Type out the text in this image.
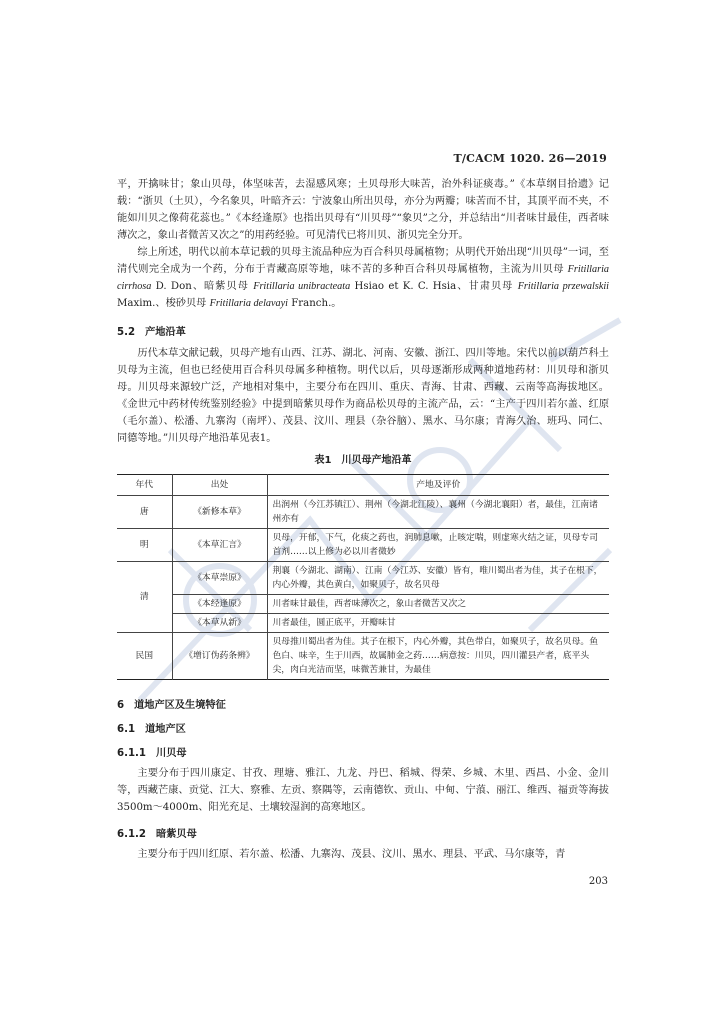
T/CACM 1020. 26—2019

平，开擒味甘；象山贝母，体坚味苦，去湿感风寒；土贝母形大味苦，治外科证痰毒。”《本草纲目拾遗》记载：“浙贝（土贝），今名象贝，叶暗齐云：宁波象山所出贝母，亦分为两瓣；味苦而不甘，其顶平而不夹，不能如川贝之像荷花蕊也。”《本经逢原》也指出贝母有“川贝母”“象贝”之分，并总结出“川者味甘最佳，西者味薄次之，象山者微苦又次之”的用药经验。可见清代已将川贝、浙贝完全分开。

综上所述，明代以前本草记载的贝母主流品种应为百合科贝母属植物；从明代开始出现“川贝母”一词，至清代则完全成为一个药，分布于青藏高原等地，味不苦的多种百合科贝母属植物，主流为川贝母 Fritillaria cirrhosa D. Don、暗紫贝母 Fritillaria unibracteata Hsiao et K. C. Hsia、甘肃贝母 Fritillaria przewalskii Maxim.、梭砂贝母 Fritillaria delavayi Franch.。

5.2 产地沿革

历代本草文献记载，贝母产地有山西、江苏、湖北、河南、安徽、浙江、四川等地。宋代以前以葫芦科土贝母为主流，但也已经使用百合科贝母属多种植物。明代以后，贝母逐渐形成两种道地药材：川贝母和浙贝母。川贝母来源较广泛，产地相对集中，主要分布在四川、重庆、青海、甘肃、西藏、云南等高海拔地区。《金世元中药材传统鉴别经验》中提到暗紫贝母作为商品松贝母的主流产品，云：“主产于四川若尔盖、红原（毛尔盖）、松潘、九寨沟（南坪）、茂县、汶川、理县（杂谷脑）、黑水、马尔康；青海久治、班玛、同仁、同德等地。”川贝母产地沿革见表1。

表1　川贝母产地沿革
年代	出处	产地及评价
唐	《新修本草》	出润州（今江苏镇江）、荆州（今湖北江陵）、襄州（今湖北襄阳）者，最佳，江南诸州亦有
明	《本草汇言》	贝母，开郁，下气，化痰之药也，润肺息嗽，止咳定喘，则虚寒火结之证，贝母专司首剂……以上修为必以川者微妙
清	《本草崇原》	荆襄（今湖北、湖南）、江南（今江苏、安徽）皆有，唯川蜀出者为佳，其子在根下，内心外瓣，其色黄白，如聚贝子，故名贝母
	《本经逢原》	川者味甘最佳，西者味薄次之，象山者微苦又次之
	《本草从新》	川者最佳，圆正底平，开瓣味甘
民国	《增订伪药条辨》	贝母推川蜀出者为佳。其子在根下，内心外瓣，其色带白，如聚贝子，故名贝母。鱼色白、味辛，生于川西，故属肺金之药……病意按：川贝，四川灌县产者，底平头尖，肉白光洁而坚，味微苦兼甘，为最佳
6 道地产区及生境特征
6.1 道地产区
6.1.1 川贝母

主要分布于四川康定、甘孜、理塘、雅江、九龙、丹巴、稻城、得荣、乡城、木里、西昌、小金、金川等，西藏芒康、贡觉、江大、察雅、左贡、察隅等，云南德钦、贡山、中甸、宁蒗、丽江、维西、福贡等海拔3500m～4000m、阳光充足、土壤较湿润的高寒地区。

6.1.2 暗紫贝母

主要分布于四川红原、若尔盖、松潘、九寨沟、茂县、汶川、黑水、理县、平武、马尔康等，青

203
